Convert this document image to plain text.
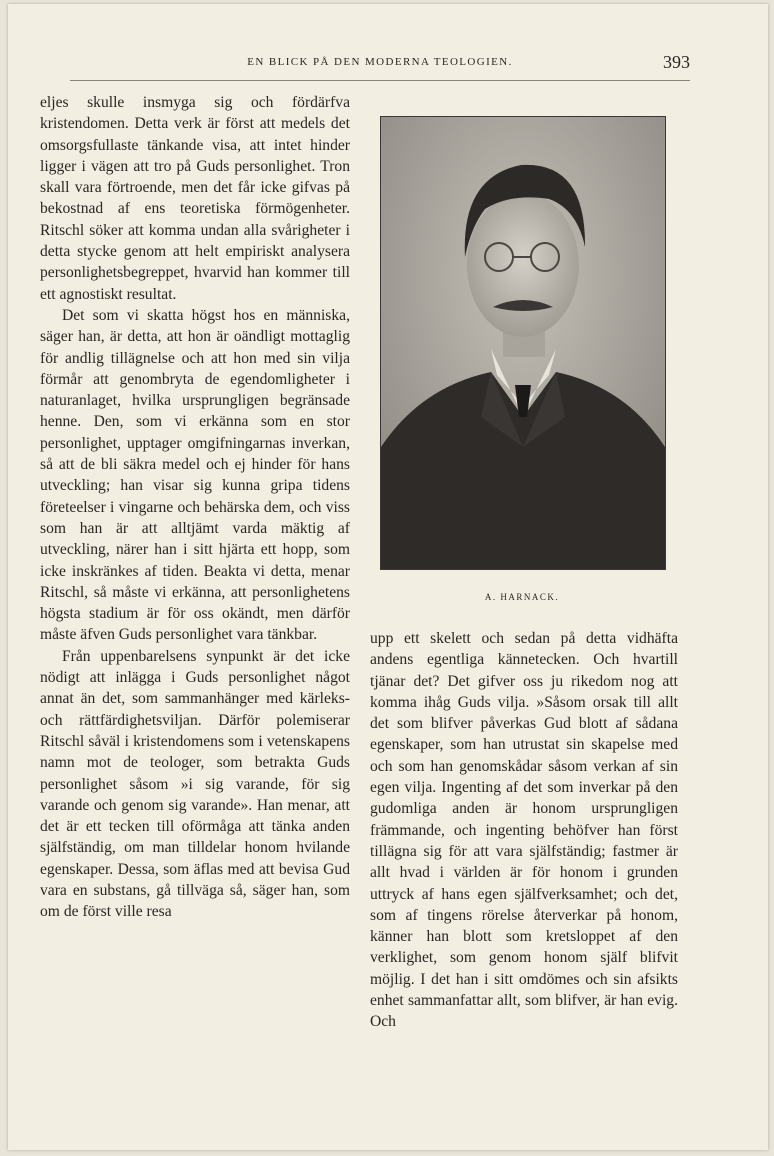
EN BLICK PÅ DEN MODERNA TEOLOGIEN.	393

eljes skulle insmyga sig och fördärfva kristendomen. Detta verk är först att medels det omsorgsfullaste tänkande visa, att intet hinder ligger i vägen att tro på Guds personlighet. Tron skall vara förtroende, men det får icke gifvas på bekostnad af ens teoretiska förmögenheter. Ritschl söker att komma undan alla svårigheter i detta stycke genom att helt empiriskt analysera personlighetsbegreppet, hvarvid han kommer till ett agnostiskt resultat.

Det som vi skatta högst hos en människa, säger han, är detta, att hon är oändligt mottaglig för andlig tillägnelse och att hon med sin vilja förmår att genombryta de egendomligheter i naturanlaget, hvilka ursprungligen begränsade henne. Den, som vi erkänna som en stor personlighet, upptager omgifningarnas inverkan, så att de bli säkra medel och ej hinder för hans utveckling; han visar sig kunna gripa tidens företeelser i vingarne och behärska dem, och viss som han är att alltjämt varda mäktig af utveckling, närer han i sitt hjärta ett hopp, som icke inskränkes af tiden. Beakta vi detta, menar Ritschl, så måste vi erkänna, att personlighetens högsta stadium är för oss okändt, men därför måste äfven Guds personlighet vara tänkbar.

Från uppenbarelsens synpunkt är det icke nödigt att inlägga i Guds personlighet något annat än det, som sammanhänger med kärleks- och rättfärdighetsviljan. Därför polemiserar Ritschl såväl i kristendomens som i vetenskapens namn mot de teologer, som betrakta Guds personlighet såsom »i sig varande, för sig varande och genom sig varande». Han menar, att det är ett tecken till oförmåga att tänka anden själfständig, om man tilldelar honom hvilande egenskaper. Dessa, som äflas med att bevisa Gud vara en substans, gå tillväga så, säger han, som om de först ville resa

A. HARNACK.

upp ett skelett och sedan på detta vidhäfta andens egentliga kännetecken. Och hvartill tjänar det? Det gifver oss ju rikedom nog att komma ihåg Guds vilja. »Såsom orsak till allt det som blifver påverkas Gud blott af sådana egenskaper, som han utrustat sin skapelse med och som han genomskådar såsom verkan af sin egen vilja. Ingenting af det som inverkar på den gudomliga anden är honom ursprungligen främmande, och ingenting behöfver han först tillägna sig för att vara själfständig; fastmer är allt hvad i världen är för honom i grunden uttryck af hans egen själfverksamhet; och det, som af tingens rörelse återverkar på honom, känner han blott som kretsloppet af den verklighet, som genom honom själf blifvit möjlig. I det han i sitt omdömes och sin afsikts enhet sammanfattar allt, som blifver, är han evig. Och
